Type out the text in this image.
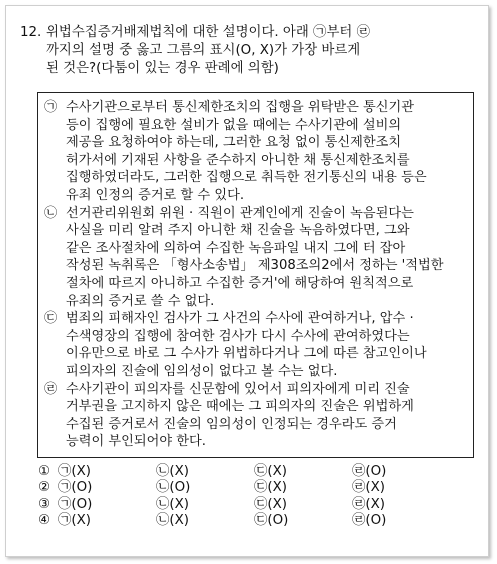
12. 위법수집증거배제법칙에 대한 설명이다. 아래 ㉠부터 ㉣
까지의 설명 중 옳고 그름의 표시(O, X)가 가장 바르게
된 것은?(다툼이 있는 경우 판례에 의함)
㉠ 수사기관으로부터 통신제한조치의 집행을 위탁받은 통신기관
등이 집행에 필요한 설비가 없을 때에는 수사기관에 설비의
제공을 요청하여야 하는데, 그러한 요청 없이 통신제한조치
허가서에 기재된 사항을 준수하지 아니한 채 통신제한조치를
집행하였더라도, 그러한 집행으로 취득한 전기통신의 내용 등은
유죄 인정의 증거로 할 수 있다.
㉡ 선거관리위원회 위원 · 직원이 관계인에게 진술이 녹음된다는
사실을 미리 알려 주지 아니한 채 진술을 녹음하였다면, 그와
같은 조사절차에 의하여 수집한 녹음파일 내지 그에 터 잡아
작성된 녹취록은 「형사소송법」 제308조의2에서 정하는 '적법한
절차에 따르지 아니하고 수집한 증거'에 해당하여 원칙적으로
유죄의 증거로 쓸 수 없다.
㉢ 범죄의 피해자인 검사가 그 사건의 수사에 관여하거나, 압수 ·
수색영장의 집행에 참여한 검사가 다시 수사에 관여하였다는
이유만으로 바로 그 수사가 위법하다거나 그에 따른 참고인이나
피의자의 진술에 임의성이 없다고 볼 수는 없다.
㉣ 수사기관이 피의자를 신문함에 있어서 피의자에게 미리 진술
거부권을 고지하지 않은 때에는 그 피의자의 진술은 위법하게
수집된 증거로서 진술의 임의성이 인정되는 경우라도 증거
능력이 부인되어야 한다.
① ㉠(X)	㉡(X)	㉢(X)	㉣(O)
② ㉠(O)	㉡(O)	㉢(X)	㉣(X)
③ ㉠(O)	㉡(X)	㉢(X)	㉣(X)
④ ㉠(X)	㉡(X)	㉢(O)	㉣(O)
